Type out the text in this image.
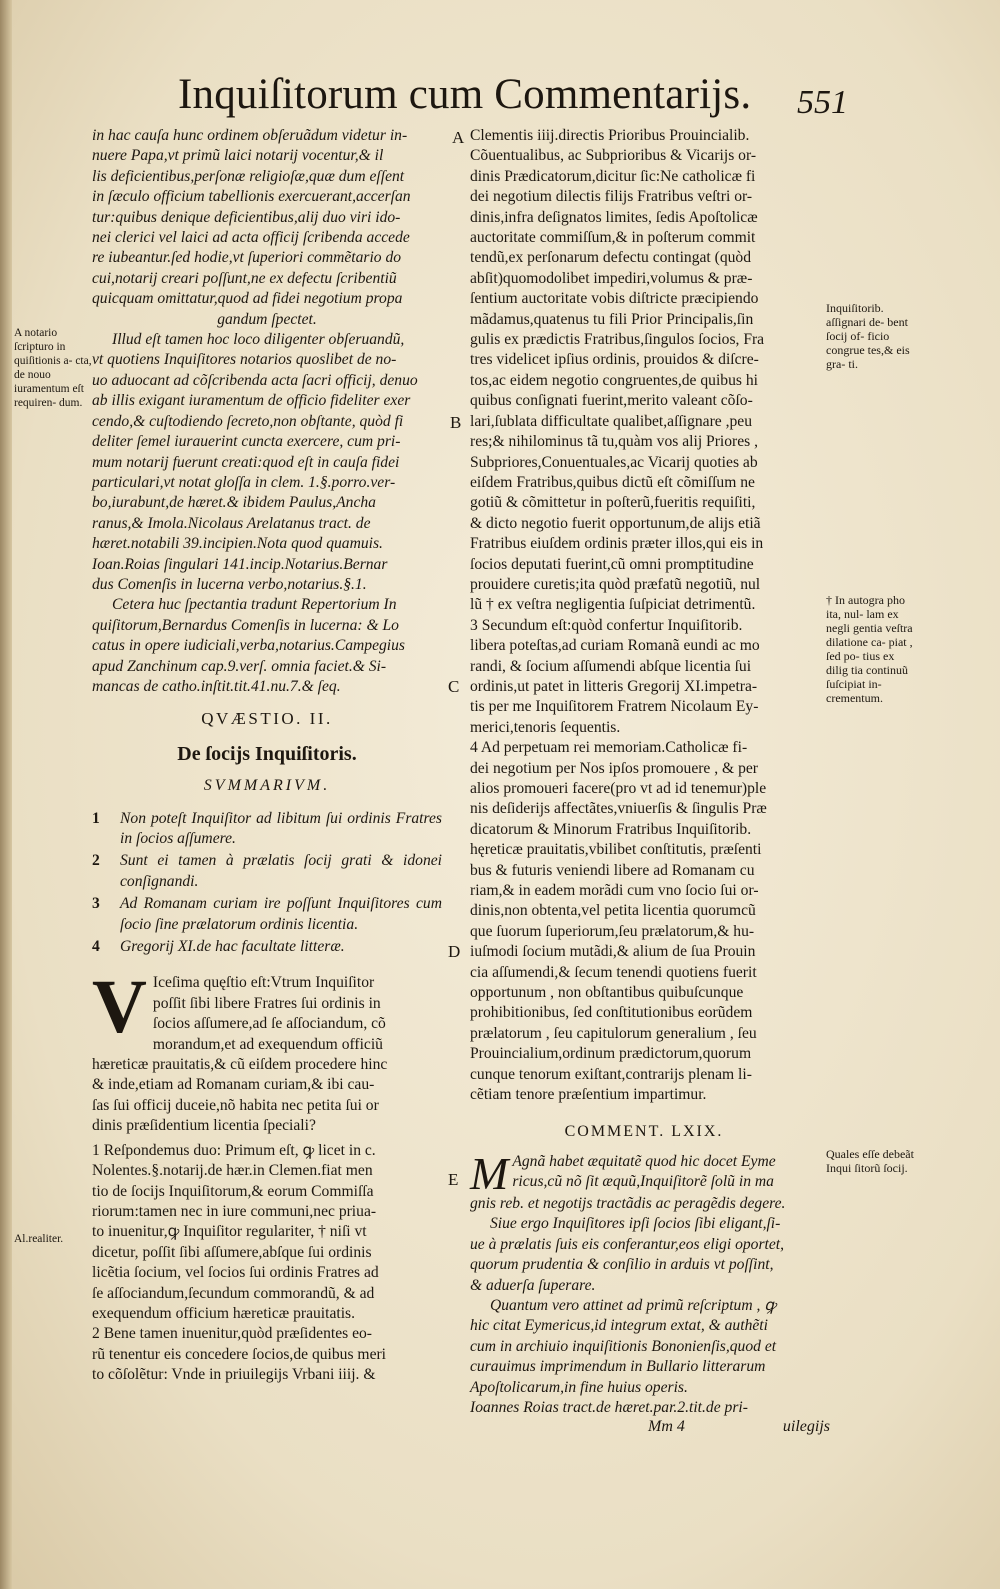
Inquiſitorum cum Commentarijs. 551
in hac cauſa hunc ordinem obſeruãdum videtur in-
nuere Papa,vt primũ laici notarij vocentur,& il
lis deficientibus,perſonæ religioſæ,quæ dum eſſent
in ſæculo officium tabellionis exercuerant,accerſan
tur:quibus denique deficientibus,alij duo viri ido-
nei clerici vel laici ad acta officij ſcribenda accede
re iubeantur.ſed hodie,vt ſuperiori commẽtario do
cui,notarij creari poſſunt,ne ex defectu ſcribentiũ
quicquam omittatur,quod ad fidei negotium propa
gandum ſpectet.
Illud eſt tamen hoc loco diligenter obſeruandũ,
vt quotiens Inquiſitores notarios quoslibet de no-
uo aduocant ad cõſcribenda acta ſacri officij, denuo
ab illis exigant iuramentum de officio fideliter exer
cendo,& cuſtodiendo ſecreto,non obſtante, quòd fi
deliter ſemel iurauerint cuncta exercere, cum pri-
mum notarij fuerunt creati:quod eſt in cauſa fidei
particulari,vt notat gloſſa in clem. 1.§.porro.ver-
bo,iurabunt,de hæret.& ibidem Paulus,Ancha
ranus,& Imola.Nicolaus Arelatanus tract. de
hæret.notabili 39.incipien.Nota quod quamuis.
Ioan.Roias ſingulari 141.incip.Notarius.Bernar
dus Comenſis in lucerna verbo,notarius.§.1.
Cetera huc ſpectantia tradunt Repertorium In
quiſitorum,Bernardus Comenſis in lucerna: & Lo
catus in opere iudiciali,verba,notarius.Campegius
apud Zanchinum cap.9.verſ. omnia faciet.& Si-
mancas de catho.inſtit.tit.41.nu.7.& ſeq.
QVÆSTIO. II.
De ſocijs Inquiſitoris.
SVMMARIVM.
1 Non poteſt Inquiſitor ad libitum ſui ordinis Fratres in ſocios aſſumere.
2 Sunt ei tamen à prælatis ſocij grati & idonei conſignandi.
3 Ad Romanam curiam ire poſſunt Inquiſitores cum ſocio ſine prælatorum ordinis licentia.
4 Gregorij XI.de hac facultate litteræ.
V Iceſima quęſtio eſt:Vtrum Inquiſitor
poſſit ſibi libere Fratres ſui ordinis in
ſocios aſſumere,ad ſe aſſociandum, cõ
morandum,et ad exequendum officiũ
hæreticæ prauitatis,& cũ eiſdem procedere hinc
& inde,etiam ad Romanam curiam,& ibi cau-
ſas ſui officij duceie,nõ habita nec petita ſui or
dinis præſidentium licentia ſpeciali?
1 Reſpondemus duo: Primum eſt, ꝙ licet in c.
Nolentes.§.notarij.de hær.in Clemen.fiat men
tio de ſocijs Inquiſitorum,& eorum Commiſſa
riorum:tamen nec in iure communi,nec priua-
to inuenitur,ꝙ Inquiſitor regulariter, † niſi vt
dicetur, poſſit ſibi aſſumere,abſque ſui ordinis
licẽtia ſocium, vel ſocios ſui ordinis Fratres ad
ſe aſſociandum,ſecundum commorandũ, & ad
exequendum officium hæreticæ prauitatis.
2 Bene tamen inuenitur,quòd præſidentes eo-
rũ tenentur eis concedere ſocios,de quibus meri
to cõſolẽtur: Vnde in priuilegijs Vrbani iiij. &
Clementis iiij.directis Prioribus Prouincialib.
Cõuentualibus, ac Subprioribus & Vicarijs or-
dinis Prædicatorum,dicitur ſic:Ne catholicæ fi
dei negotium dilectis filijs Fratribus veſtri or-
dinis,infra deſignatos limites, ſedis Apoſtolicæ
auctoritate commiſſum,& in poſterum commit
tendũ,ex perſonarum defectu contingat (quòd
abſit)quomodolibet impediri,volumus & præ-
ſentium auctoritate vobis diſtricte præcipiendo
mãdamus,quatenus tu fili Prior Principalis,ſin
gulis ex prædictis Fratribus,ſingulos ſocios, Fra
tres videlicet ipſius ordinis, prouidos & diſcre-
tos,ac eidem negotio congruentes,de quibus hi
quibus conſignati fuerint,merito valeant cõſo-
lari,ſublata difficultate qualibet,aſſignare ,peu
res;& nihilominus tã tu,quàm vos alij Priores ,
Subpriores,Conuentuales,ac Vicarij quoties ab
eiſdem Fratribus,quibus dictũ eſt cõmiſſum ne
gotiũ & cõmittetur in poſterũ,fueritis requiſiti,
& dicto negotio fuerit opportunum,de alijs etiã
Fratribus eiuſdem ordinis præter illos,qui eis in
ſocios deputati fuerint,cũ omni promptitudine
prouidere curetis;ita quòd præfatũ negotiũ, nul
lũ † ex veſtra negligentia ſuſpiciat detrimentũ.
3 Secundum eſt:quòd confertur Inquiſitorib.
libera poteſtas,ad curiam Romanã eundi ac mo
randi, & ſocium aſſumendi abſque licentia ſui
ordinis,ut patet in litteris Gregorij XI.impetra-
tis per me Inquiſitorem Fratrem Nicolaum Ey-
merici,tenoris ſequentis.
4 Ad perpetuam rei memoriam.Catholicæ fi-
dei negotium per Nos ipſos promouere , & per
alios promoueri facere(pro vt ad id tenemur)ple
nis deſiderijs affectãtes,vniuerſis & ſingulis Præ
dicatorum & Minorum Fratribus Inquiſitorib.
hęreticæ prauitatis,vbilibet conſtitutis, præſenti
bus & futuris veniendi libere ad Romanam cu
riam,& in eadem morãdi cum vno ſocio ſui or-
dinis,non obtenta,vel petita licentia quorumcũ
que ſuorum ſuperiorum,ſeu prælatorum,& hu-
iuſmodi ſocium mutãdi,& alium de ſua Prouin
cia aſſumendi,& ſecum tenendi quotiens fuerit
opportunum , non obſtantibus quibuſcunque
prohibitionibus, ſed conſtitutionibus eorũdem
prælatorum , ſeu capitulorum generalium , ſeu
Prouincialium,ordinum prædictorum,quorum
cunque tenorum exiſtant,contrarijs plenam li-
cẽtiam tenore præſentium impartimur.
COMMENT. LXIX.
M Agnã habet æquitatẽ quod hic docet Eyme
ricus,cũ nõ ſit æquũ,Inquiſitorẽ ſolũ in ma
gnis reb. et negotijs tractãdis ac peragẽdis degere.
Siue ergo Inquiſitores ipſi ſocios ſibi eligant,ſi-
ue à prælatis ſuis eis conferantur,eos eligi oportet,
quorum prudentia & conſilio in arduis vt poſſint,
& aduerſa ſuperare.
Quantum vero attinet ad primũ reſcriptum , ꝙ
hic citat Eymericus,id integrum extat, & authẽti
cum in archiuio inquiſitionis Bononienſis,quod et
curauimus imprimendum in Bullario litterarum
Apoſtolicarum,in fine huius operis.
Ioannes Roias tract.de hæret.par.2.tit.de pri-
A
B
C
D
E
A notario ſcripturo in quiſitionis a- cta, de nouo iuramentum eſt requiren- dum.
Al.realiter.
Inquiſitorib. aſſignari de- bent ſocij of- ficio congrue tes,& eis gra- ti.
† In autogra pho ita, nul- lam ex negli gentia veſtra dilatione ca- piat , ſed po- tius ex dilig tia continuũ ſuſcipiat in- crementum.
Quales eſſe debeãt Inqui ſitorũ ſocij.
Mm 4	uilegijs
